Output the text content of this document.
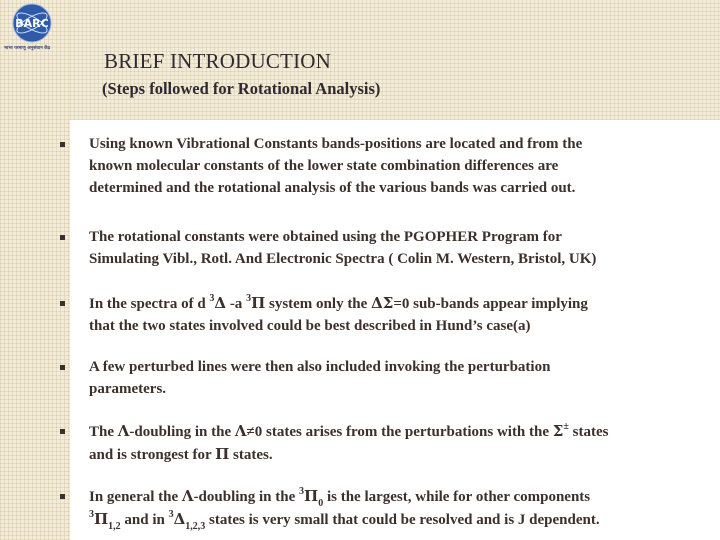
BARC
भाभा परमाणु अनुसंधान केंद्र
BRIEF INTRODUCTION
(Steps followed for Rotational Analysis)
Using known Vibrational Constants bands-positions are located and from the
known molecular constants of the lower state combination differences are
determined and the rotational analysis of the various bands was carried out.
The rotational constants were obtained using the PGOPHER Program for
Simulating Vibl., Rotl. And Electronic Spectra ( Colin M. Western, Bristol, UK)
In the spectra of d $^3$Δ -a $^3$Π system only the ΔΣ=0 sub-bands appear implying
that the two states involved could be best described in Hund’s case(a)
A few perturbed lines were then also included invoking the perturbation
parameters.
The Λ-doubling in the Λ≠0 states arises from the perturbations with the Σ± states
and is strongest for Π states.
In general the Λ-doubling in the $^3\Pi_0$ is the largest, while for other components
$^3\Pi_{1,2}$ and in $^3\Delta_{1,2,3}$ states is very small that could be resolved and is J dependent.
